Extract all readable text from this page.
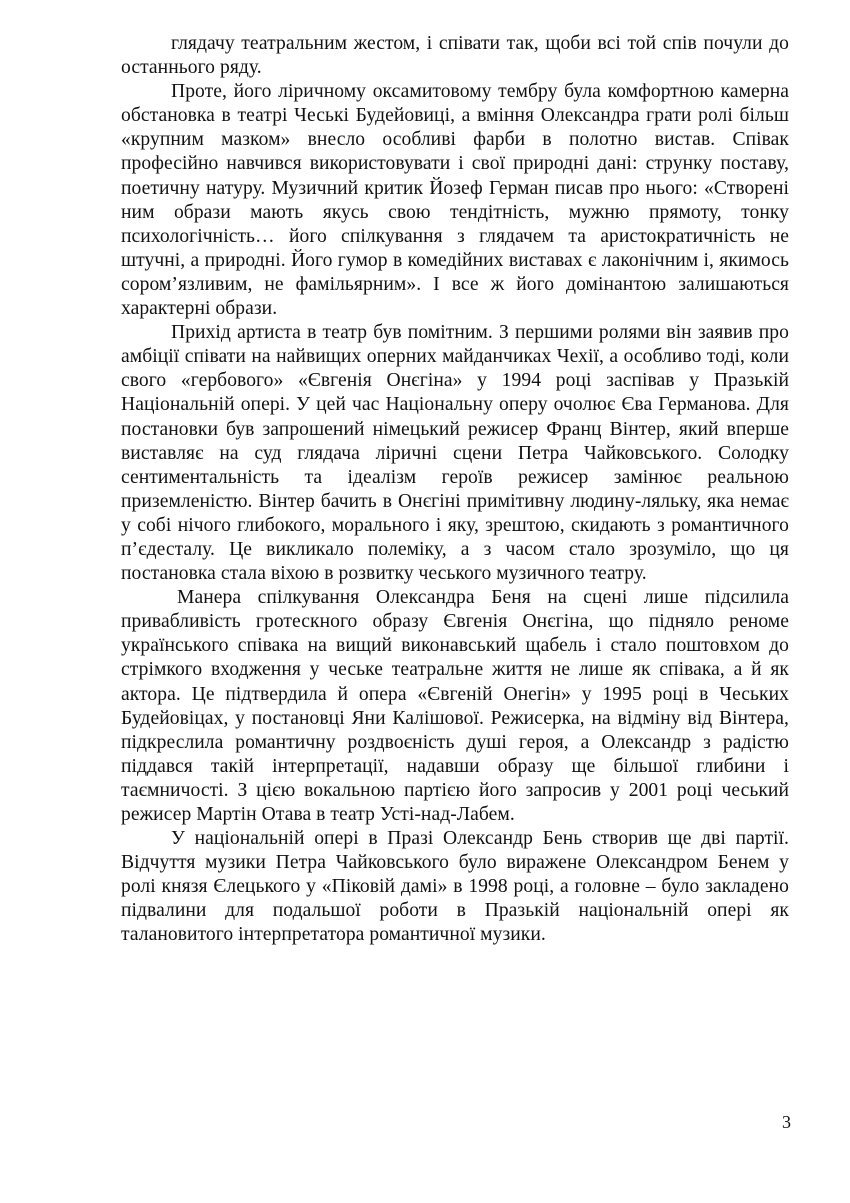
глядачу театральним жестом, і співати так, щоби всі той спів почули до останнього ряду.

Проте, його ліричному оксамитовому тембру була комфортною камерна обстановка в театрі Чеські Будейовиці, а вміння Олександра грати ролі більш «крупним мазком» внесло особливі фарби в полотно вистав. Співак професійно навчився використовувати і свої природні дані: струнку поставу, поетичну натуру. Музичний критик Йозеф Герман писав про нього: «Створені ним образи мають якусь свою тендітність, мужню прямоту, тонку психологічність… його спілкування з глядачем та аристократичність не штучні, а природні. Його гумор в комедійних виставах є лаконічним і, якимось сором’язливим, не фамільярним». І все ж його домінантою залишаються характерні образи.

Прихід артиста в театр був помітним. З першими ролями він заявив про амбіції співати на найвищих оперних майданчиках Чехії, а особливо тоді, коли свого «гербового» «Євгенія Онєгіна» у 1994 році заспівав у Празькій Національній опері. У цей час Національну оперу очолює Єва Германова. Для постановки був запрошений німецький режисер Франц Вінтер, який вперше виставляє на суд глядача ліричні сцени Петра Чайковського. Солодку сентиментальність та ідеалізм героїв режисер замінює реальною приземленістю. Вінтер бачить в Онєгіні примітивну людину-ляльку, яка немає у собі нічого глибокого, морального і яку, зрештою, скидають з романтичного п’єдесталу. Це викликало полеміку, а з часом стало зрозуміло, що ця постановка стала віхою в розвитку чеського музичного театру.

Манера спілкування Олександра Беня на сцені лише підсилила привабливість гротескного образу Євгенія Онєгіна, що підняло реноме українського співака на вищий виконавський щабель і стало поштовхом до стрімкого входження у чеське театральне життя не лише як співака, а й як актора. Це підтвердила й опера «Євгеній Онегін» у 1995 році в Чеських Будейовіцах, у постановці Яни Калішової. Режисерка, на відміну від Вінтера, підкреслила романтичну роздвоєність душі героя, а Олександр з радістю піддався такій інтерпретації, надавши образу ще більшої глибини і таємничості. З цією вокальною партією його запросив у 2001 році чеський режисер Мартін Отава в театр Усті-над-Лабем.

У національній опері в Празі Олександр Бень створив ще дві партії. Відчуття музики Петра Чайковського було виражене Олександром Бенем у ролі князя Єлецького у «Піковій дамі» в 1998 році, а головне – було закладено підвалини для подальшої роботи в Празькій національній опері як талановитого інтерпретатора романтичної музики.

3
